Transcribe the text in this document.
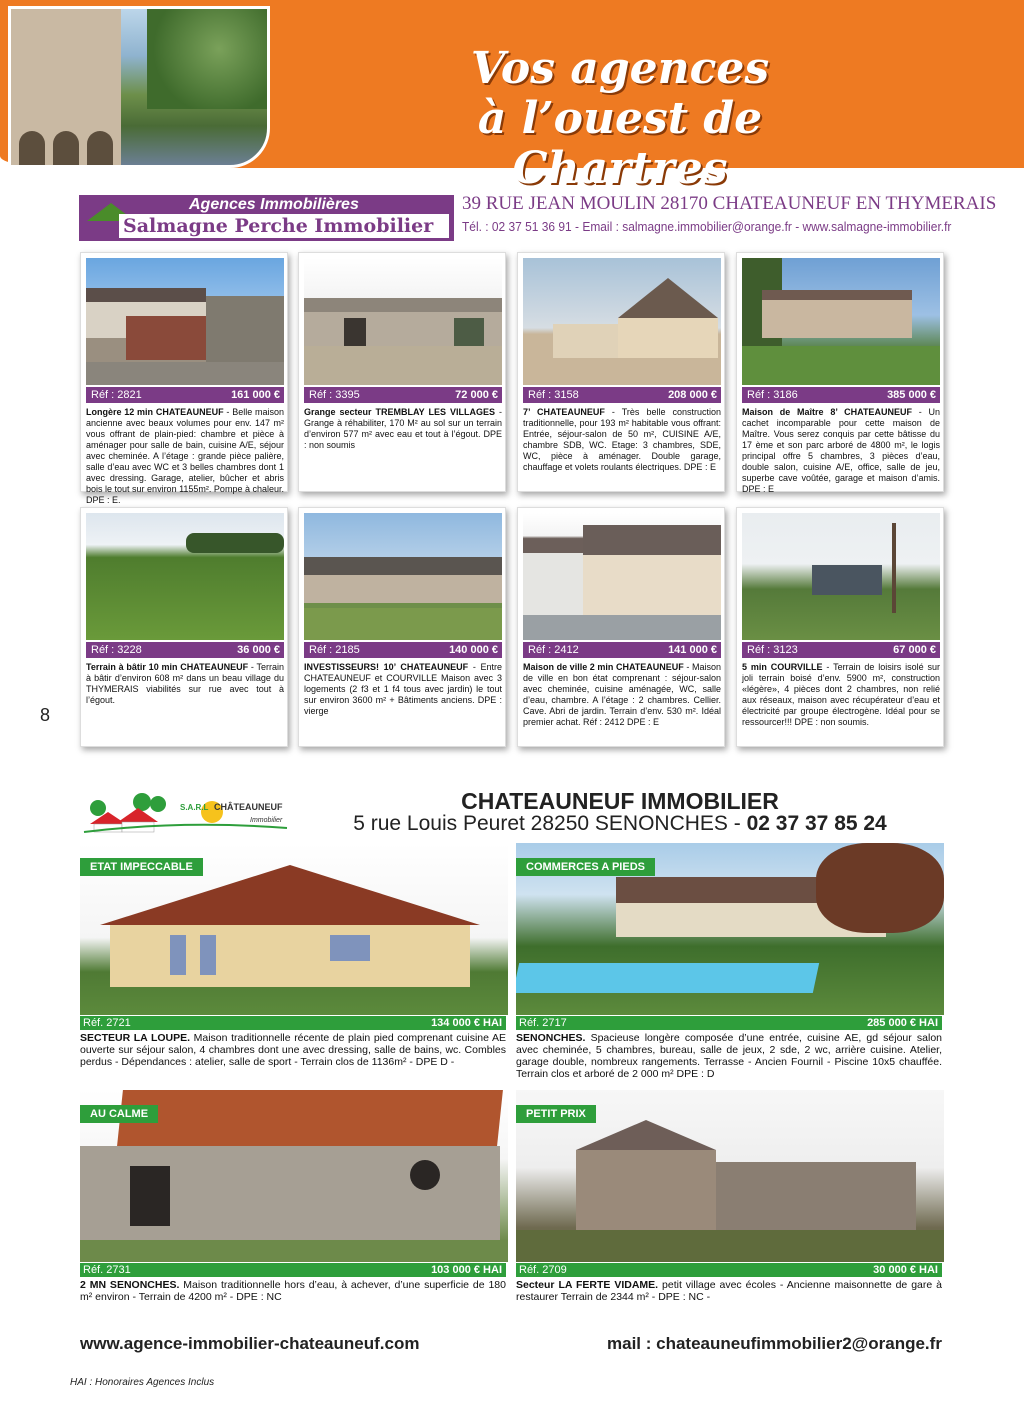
Vos agences
à l’ouest de Chartres
Agences Immobilières
Salmagne Perche Immobilier
39 RUE JEAN MOULIN 28170 CHATEAUNEUF EN THYMERAIS
Tél. : 02 37 51 36 91 - Email : salmagne.immobilier@orange.fr - www.salmagne-immobilier.fr
Réf : 2821	161 000 €
Longère 12 min CHATEAUNEUF - Belle maison ancienne avec beaux volumes pour env. 147 m² vous offrant de plain-pied: chambre et pièce à aménager pour salle de bain, cuisine A/E, séjour avec cheminée. A l’étage : grande pièce palière, salle d’eau avec WC et 3 belles chambres dont 1 avec dressing. Garage, atelier, bûcher et abris bois le tout sur environ 1155m². Pompe à chaleur. DPE : E.
Réf : 3395	72 000 €
Grange secteur TREMBLAY LES VILLAGES - Grange à réhabiliter, 170 M² au sol sur un terrain d’environ 577 m² avec eau et tout à l’égout. DPE : non soumis
Réf : 3158	208 000 €
7’ CHATEAUNEUF - Très belle construction traditionnelle, pour 193 m² habitable vous offrant: Entrée, séjour-salon de 50 m², CUISINE A/E, chambre SDB, WC. Etage: 3 chambres, SDE, WC, pièce à aménager. Double garage, chauffage et volets roulants électriques. DPE : E
Réf : 3186	385 000 €
Maison de Maître 8’ CHATEAUNEUF - Un cachet incomparable pour cette maison de Maître. Vous serez conquis par cette bâtisse du 17 ème et son parc arboré de 4800 m², le logis principal offre 5 chambres, 3 pièces d’eau, double salon, cuisine A/E, office, salle de jeu, superbe cave voûtée, garage et maison d’amis. DPE : E
Réf : 3228	36 000 €
Terrain à bâtir 10 min CHATEAUNEUF - Terrain à bâtir d’environ 608 m² dans un beau village du THYMERAIS viabilités sur rue avec tout à l’égout.
Réf : 2185	140 000 €
INVESTISSEURS! 10’ CHATEAUNEUF - Entre CHATEAUNEUF et COURVILLE Maison avec 3 logements (2 f3 et 1 f4 tous avec jardin) le tout sur environ 3600 m² + Bâtiments anciens. DPE : vierge
Réf : 2412	141 000 €
Maison de ville 2 min CHATEAUNEUF - Maison de ville en bon état comprenant : séjour-salon avec cheminée, cuisine aménagée, WC, salle d’eau, chambre. A l’étage : 2 chambres. Cellier. Cave. Abri de jardin. Terrain d’env. 530 m². Idéal premier achat. Réf : 2412 DPE : E
Réf : 3123	67 000 €
5 min COURVILLE - Terrain de loisirs isolé sur joli terrain boisé d’env. 5900 m², construction «légère», 4 pièces dont 2 chambres, non relié aux réseaux, maison avec récupérateur d’eau et électricité par groupe électrogène. Idéal pour se ressourcer!!! DPE : non soumis.
8
S.A.R.L CHÂTEAUNEUF
Immobilier
CHATEAUNEUF IMMOBILIER
5 rue Louis Peuret 28250 SENONCHES - 02 37 37 85 24
ETAT IMPECCABLE
Réf. 2721	134 000 € HAI
SECTEUR LA LOUPE. Maison traditionnelle récente de plain pied comprenant cuisine AE ouverte sur séjour salon, 4 chambres dont une avec dressing, salle de bains, wc. Combles perdus - Dépendances : atelier, salle de sport - Terrain clos de 1136m² - DPE D -
COMMERCES A PIEDS
Réf. 2717	285 000 € HAI
SENONCHES. Spacieuse longère composée d’une entrée, cuisine AE, gd séjour salon avec cheminée, 5 chambres, bureau, salle de jeux, 2 sde, 2 wc, arrière cuisine. Atelier, garage double, nombreux rangements. Terrasse - Ancien Fournil - Piscine 10x5 chauffée. Terrain clos et arboré de 2 000 m² DPE : D
AU CALME
Réf. 2731	103 000 € HAI
2 MN SENONCHES. Maison traditionnelle hors d’eau, à achever, d’une superficie de 180 m² environ - Terrain de 4200 m² - DPE : NC
PETIT PRIX
Réf. 2709	30 000 € HAI
Secteur LA FERTE VIDAME. petit village avec écoles - Ancienne maisonnette de gare à restaurer Terrain de 2344 m² - DPE : NC -
www.agence-immobilier-chateauneuf.com	mail : chateauneufimmobilier2@orange.fr
HAI : Honoraires Agences Inclus
